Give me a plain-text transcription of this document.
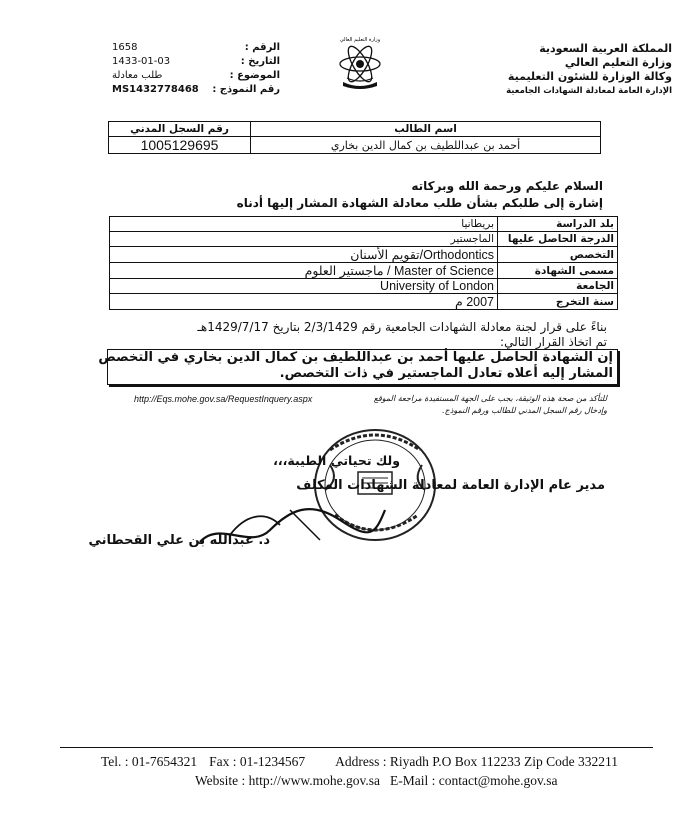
المملكة العربية السعودية
وزارة التعليم العالي
وكالة الوزارة للشئون التعليمية
الإدارة العامة لمعادلة الشهادات الجامعية
وزارة التعليم العالي
الرقم :
1658
التاريخ :
1433-01-03
الموضوع :
طلب معادلة
رقم النموذج :
MS1432778468
رقم السجل المدني	اسم الطالب
1005129695	أحمد بن عبداللطيف بن كمال الدين بخاري
السلام عليكم ورحمة الله وبركاته
إشارة إلى طلبكم بشأن طلب معادلة الشهادة المشار إليها أدناه
بريطانيا	بلد الدراسة
الماجستير	الدرجة الحاصل عليها
Orthodontics/تقويم الأسنان	التخصص
Master of Science / ماجستير العلوم	مسمى الشهادة
University of London	الجامعة
2007 م	سنة التخرج
بناءً على قرار لجنة معادلة الشهادات الجامعية رقم 2/3/1429 بتاريخ 1429/7/17هـ
تم اتخاذ القرار التالي:
إن الشهادة الحاصل عليها أحمد بن عبداللطيف بن كمال الدين بخاري في التخصص
المشار إليه أعلاه تعادل الماجستير في ذات التخصص.
للتأكد من صحة هذه الوثيقة، يجب على الجهة المستفيدة مراجعة الموقع
http://Eqs.mohe.gov.sa/RequestInquery.aspx
وإدخال رقم السجل المدني للطالب ورقم النموذج.
ولك تحياتي الطيبة،،،
مدير عام الإدارة العامة لمعادلة الشهادات المكلف
د. عبدالله بن علي القحطاني
Tel. : 01-7654321 Fax : 01-1234567 Address : Riyadh P.O Box 112233 Zip Code 332211
Website : http://www.mohe.gov.sa E-Mail : contact@mohe.gov.sa
